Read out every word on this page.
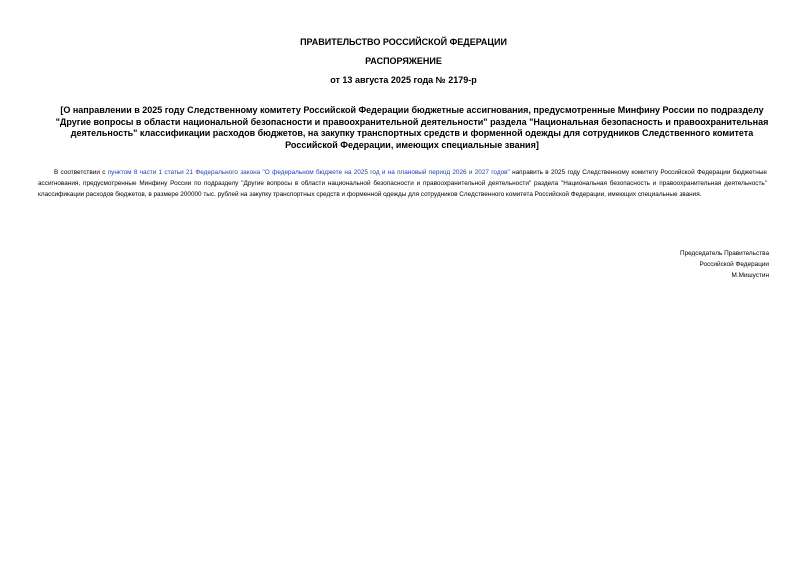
ПРАВИТЕЛЬСТВО РОССИЙСКОЙ ФЕДЕРАЦИИ
РАСПОРЯЖЕНИЕ
от 13 августа 2025 года № 2179-р
[О направлении в 2025 году Следственному комитету Российской Федерации бюджетные ассигнования, предусмотренные Минфину России по подразделу "Другие вопросы в области национальной безопасности и правоохранительной деятельности" раздела "Национальная безопасность и правоохранительная деятельность" классификации расходов бюджетов, на закупку транспортных средств и форменной одежды для сотрудников Следственного комитета Российской Федерации, имеющих специальные звания]
В соответствии с пунктом 8 части 1 статьи 21 Федерального закона "О федеральном бюджете на 2025 год и на плановый период 2026 и 2027 годов" направить в 2025 году Следственному комитету Российской Федерации бюджетные ассигнования, предусмотренные Минфину России по подразделу "Другие вопросы в области национальной безопасности и правоохранительной деятельности" раздела "Национальная безопасность и правоохранительная деятельность" классификации расходов бюджетов, в размере 200000 тыс. рублей на закупку транспортных средств и форменной одежды для сотрудников Следственного комитета Российской Федерации, имеющих специальные звания.
Председатель Правительства
Российской Федерации
М.Мишустин
